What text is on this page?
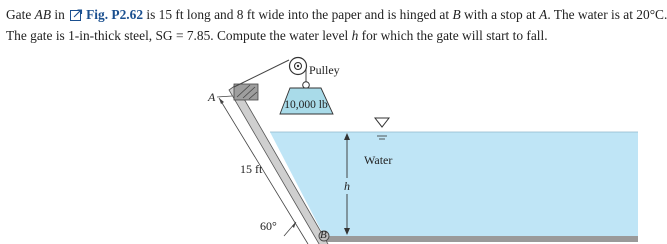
Gate AB in Fig. P2.62 is 15 ft long and 8 ft wide into the paper and is hinged at B with a stop at A. The water is at 20°C.
The gate is 1-in-thick steel, SG = 7.85. Compute the water level h for which the gate will start to fall.
Pulley
10,000 lb
A
15 ft
60°
B
h
Water
